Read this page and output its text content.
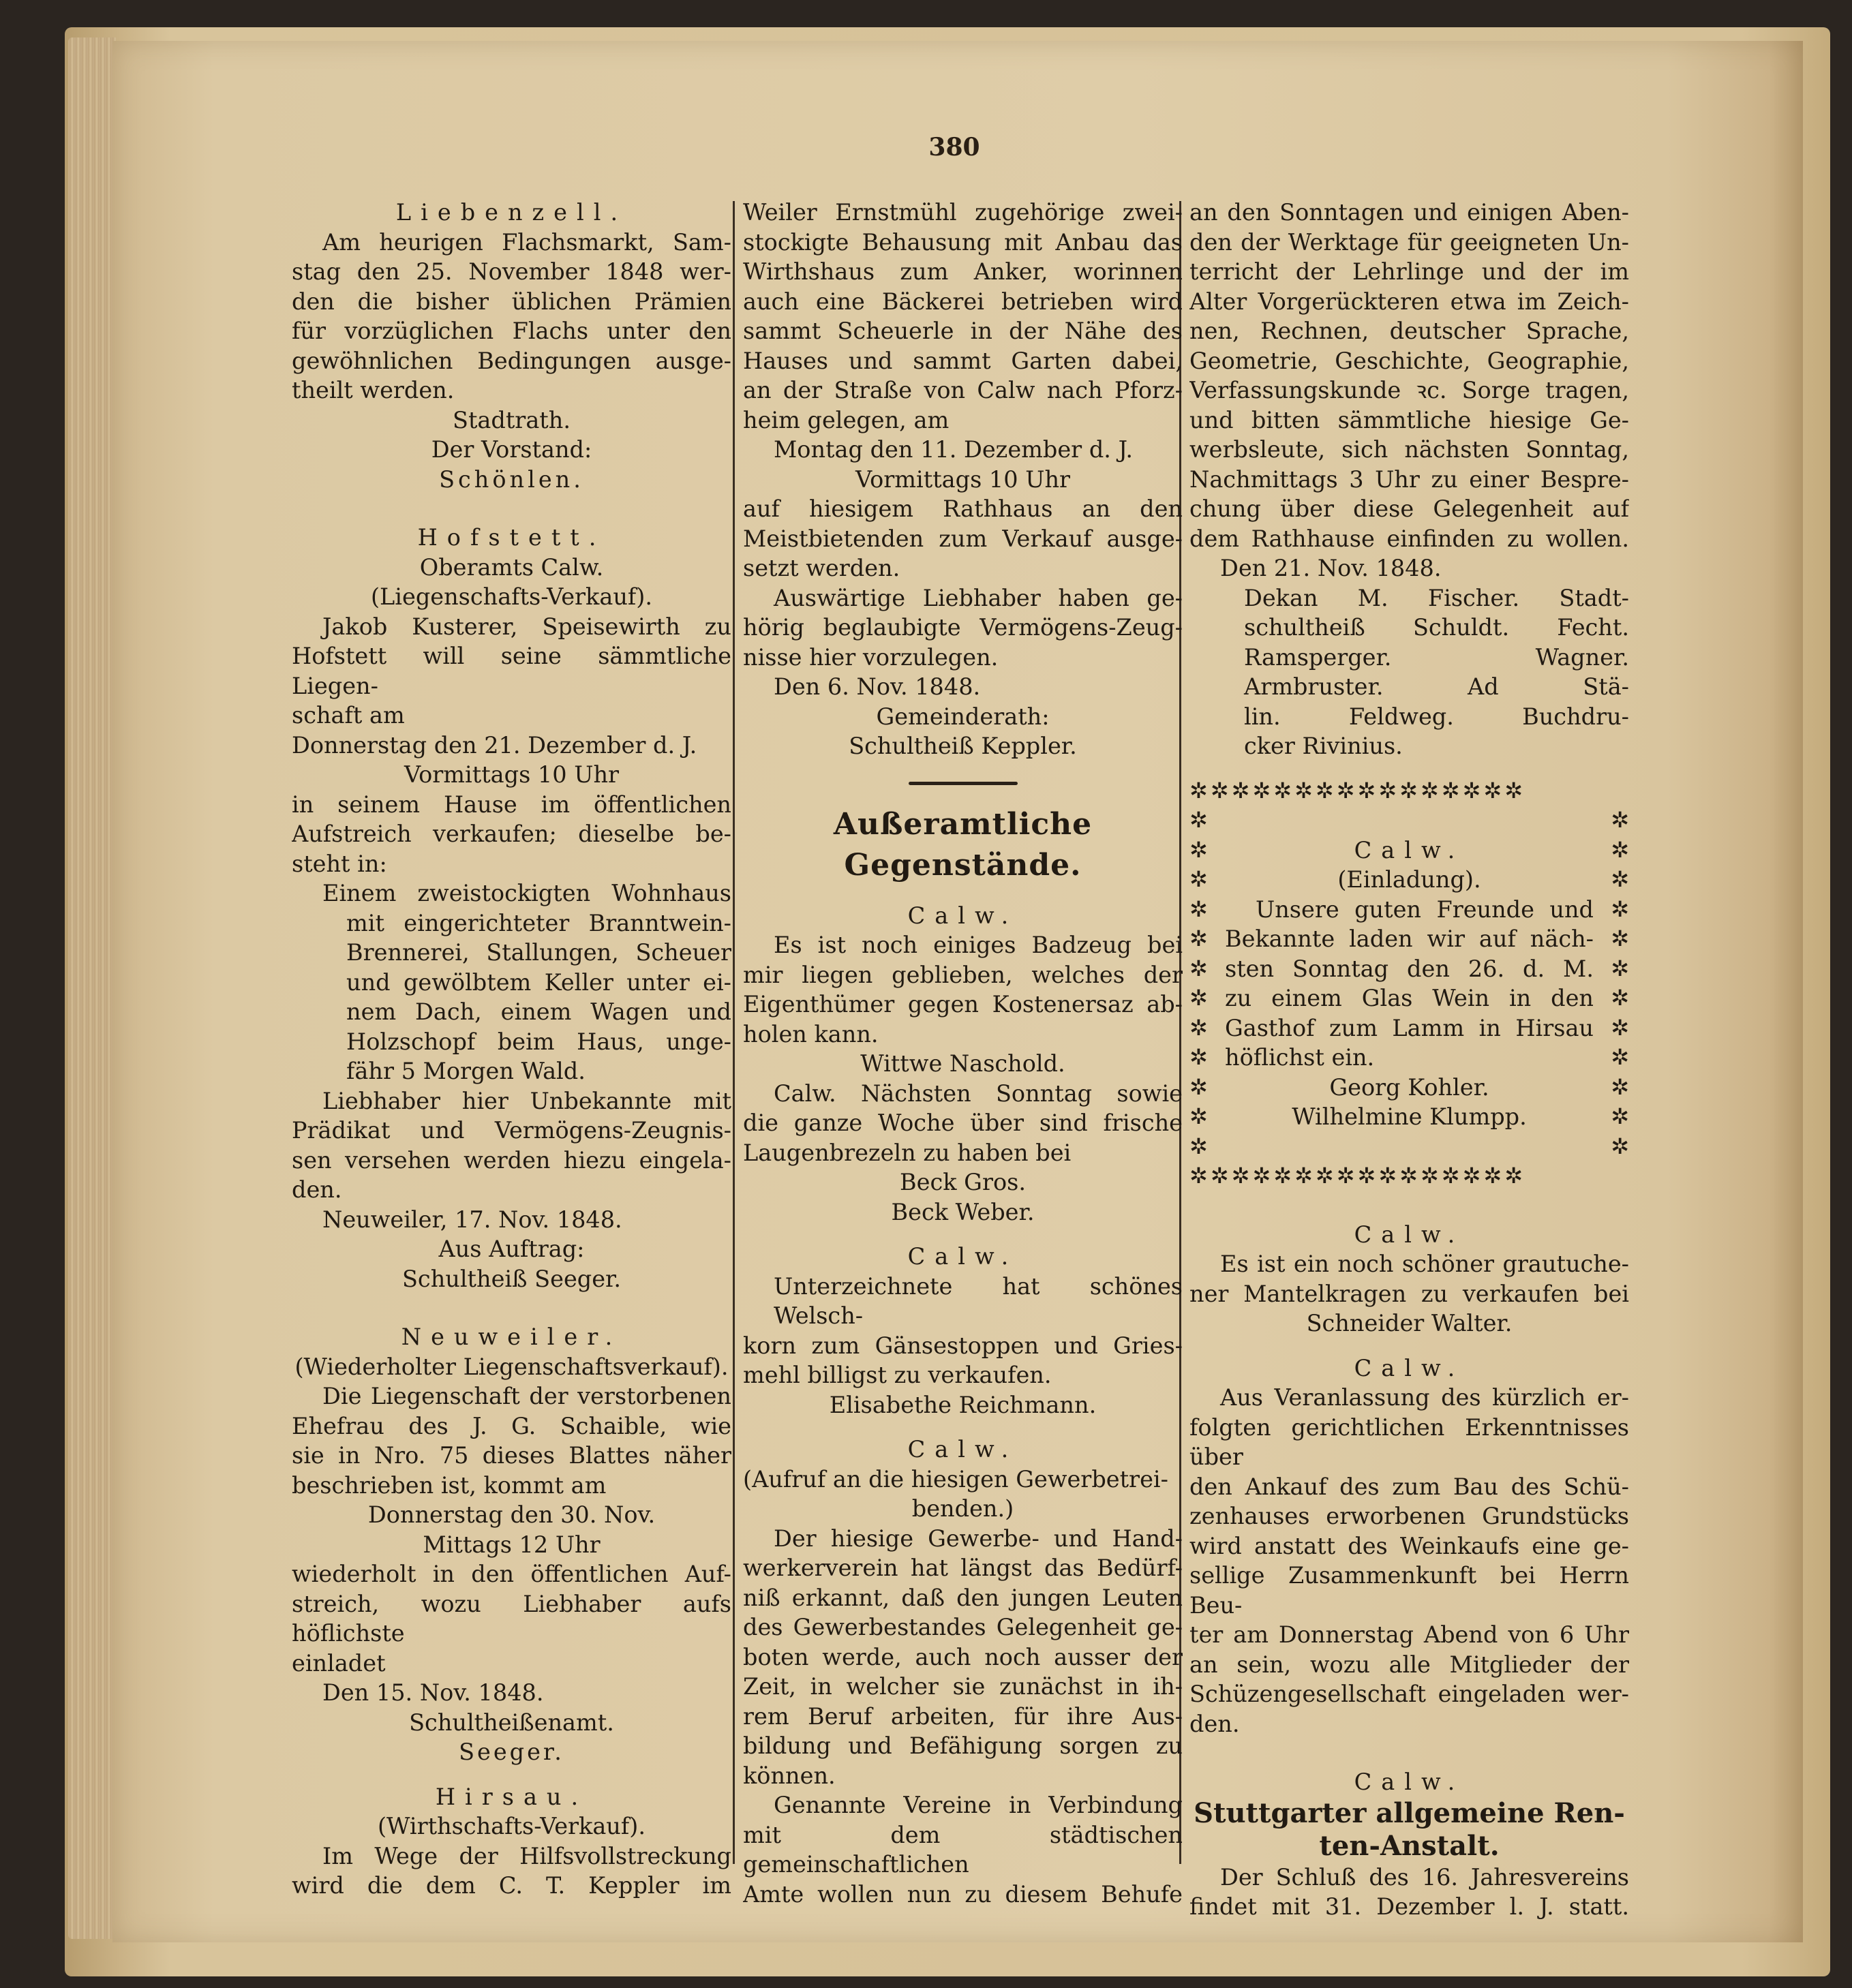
380
Liebenzell.
Am heurigen Flachsmarkt, Sam-
stag den 25. November 1848 wer-
den die bisher üblichen Prämien
für vorzüglichen Flachs unter den
gewöhnlichen Bedingungen ausge-
theilt werden.
Stadtrath.
Der Vorstand:
Schönlen.
Hofstett.
Oberamts Calw.
(Liegenschafts-Verkauf).
Jakob Kusterer, Speisewirth zu
Hofstett will seine sämmtliche Liegen-
schaft am
Donnerstag den 21. Dezember d. J.
Vormittags 10 Uhr
in seinem Hause im öffentlichen
Aufstreich verkaufen; dieselbe be-
steht in:
Einem zweistockigten Wohnhaus
mit eingerichteter Branntwein-
Brennerei, Stallungen, Scheuer
und gewölbtem Keller unter ei-
nem Dach, einem Wagen und
Holzschopf beim Haus, unge-
fähr 5 Morgen Wald.
Liebhaber hier Unbekannte mit
Prädikat und Vermögens-Zeugnis-
sen versehen werden hiezu eingela-
den.
Neuweiler, 17. Nov. 1848.
Aus Auftrag:
Schultheiß Seeger.
Neuweiler.
(Wiederholter Liegenschaftsverkauf).
Die Liegenschaft der verstorbenen
Ehefrau des J. G. Schaible, wie
sie in Nro. 75 dieses Blattes näher
beschrieben ist, kommt am
Donnerstag den 30. Nov.
Mittags 12 Uhr
wiederholt in den öffentlichen Auf-
streich, wozu Liebhaber aufs höflichste
einladet
Den 15. Nov. 1848.
Schultheißenamt.
Seeger.
Hirsau.
(Wirthschafts-Verkauf).
Im Wege der Hilfsvollstreckung
wird die dem C. T. Keppler im
Weiler Ernstmühl zugehörige zwei-
stockigte Behausung mit Anbau das
Wirthshaus zum Anker, worinnen
auch eine Bäckerei betrieben wird
sammt Scheuerle in der Nähe des
Hauses und sammt Garten dabei,
an der Straße von Calw nach Pforz-
heim gelegen, am
Montag den 11. Dezember d. J.
Vormittags 10 Uhr
auf hiesigem Rathhaus an den
Meistbietenden zum Verkauf ausge-
setzt werden.
Auswärtige Liebhaber haben ge-
hörig beglaubigte Vermögens-Zeug-
nisse hier vorzulegen.
Den 6. Nov. 1848.
Gemeinderath:
Schultheiß Keppler.
Außeramtliche Gegenstände.
Calw.
Es ist noch einiges Badzeug bei
mir liegen geblieben, welches der
Eigenthümer gegen Kostenersaz ab-
holen kann.
Wittwe Naschold.
Calw. Nächsten Sonntag sowie
die ganze Woche über sind frische
Laugenbrezeln zu haben bei
Beck Gros.
Beck Weber.
Calw.
Unterzeichnete hat schönes Welsch-
korn zum Gänsestoppen und Gries-
mehl billigst zu verkaufen.
Elisabethe Reichmann.
Calw.
(Aufruf an die hiesigen Gewerbetrei-
benden.)
Der hiesige Gewerbe- und Hand-
werkerverein hat längst das Bedürf-
niß erkannt, daß den jungen Leuten
des Gewerbestandes Gelegenheit ge-
boten werde, auch noch ausser der
Zeit, in welcher sie zunächst in ih-
rem Beruf arbeiten, für ihre Aus-
bildung und Befähigung sorgen zu
können.
Genannte Vereine in Verbindung
mit dem städtischen gemeinschaftlichen
Amte wollen nun zu diesem Behufe
an den Sonntagen und einigen Aben-
den der Werktage für geeigneten Un-
terricht der Lehrlinge und der im
Alter Vorgerückteren etwa im Zeich-
nen, Rechnen, deutscher Sprache,
Geometrie, Geschichte, Geographie,
Verfassungskunde ꝛc. Sorge tragen,
und bitten sämmtliche hiesige Ge-
werbsleute, sich nächsten Sonntag,
Nachmittags 3 Uhr zu einer Bespre-
chung über diese Gelegenheit auf
dem Rathhause einfinden zu wollen.
Den 21. Nov. 1848.
Dekan M. Fischer. Stadt-
schultheiß Schuldt. Fecht.
Ramsperger. Wagner.
Armbruster. Ad Stä-
lin. Feldweg. Buchdru-
cker Rivinius.
✲✲✲✲✲✲✲✲✲✲✲✲✲✲✲✲
✲
✲
✲
✲
✲
✲
✲
✲
✲
✲
✲
✲
✲
✲
✲
✲
✲
✲
✲
✲
✲
✲
✲
✲
Calw.
(Einladung).
Unsere guten Freunde und
Bekannte laden wir auf näch-
sten Sonntag den 26. d. M.
zu einem Glas Wein in den
Gasthof zum Lamm in Hirsau
höflichst ein.
Georg Kohler.
Wilhelmine Klumpp.
✲✲✲✲✲✲✲✲✲✲✲✲✲✲✲✲
Calw.
Es ist ein noch schöner grautuche-
ner Mantelkragen zu verkaufen bei
Schneider Walter.
Calw.
Aus Veranlassung des kürzlich er-
folgten gerichtlichen Erkenntnisses über
den Ankauf des zum Bau des Schü-
zenhauses erworbenen Grundstücks
wird anstatt des Weinkaufs eine ge-
sellige Zusammenkunft bei Herrn Beu-
ter am Donnerstag Abend von 6 Uhr
an sein, wozu alle Mitglieder der
Schüzengesellschaft eingeladen wer-
den.
Calw.
Stuttgarter allgemeine Ren-
ten-Anstalt.
Der Schluß des 16. Jahresvereins
findet mit 31. Dezember l. J. statt.
